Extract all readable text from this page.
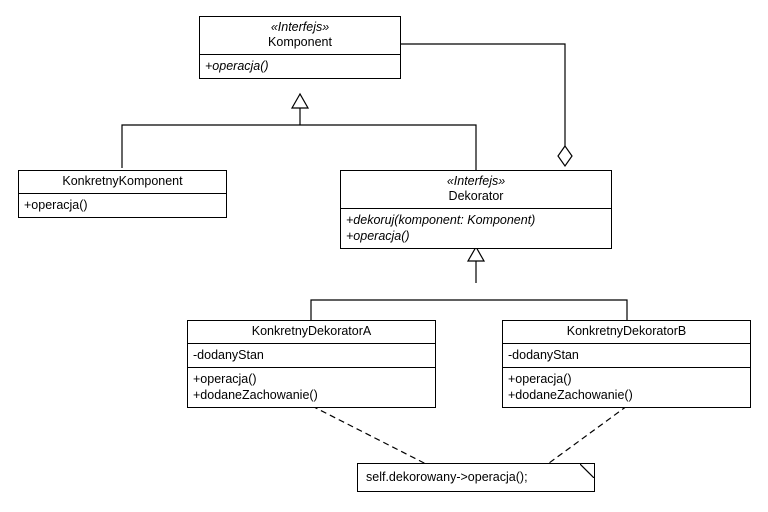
«Interfejs»
Komponent
+operacja()
KonkretnyKomponent
+operacja()
«Interfejs»
Dekorator
+dekoruj(komponent: Komponent)
+operacja()
KonkretnyDekoratorA
-dodanyStan
+operacja()
+dodaneZachowanie()
KonkretnyDekoratorB
-dodanyStan
+operacja()
+dodaneZachowanie()
self.dekorowany->operacja();
